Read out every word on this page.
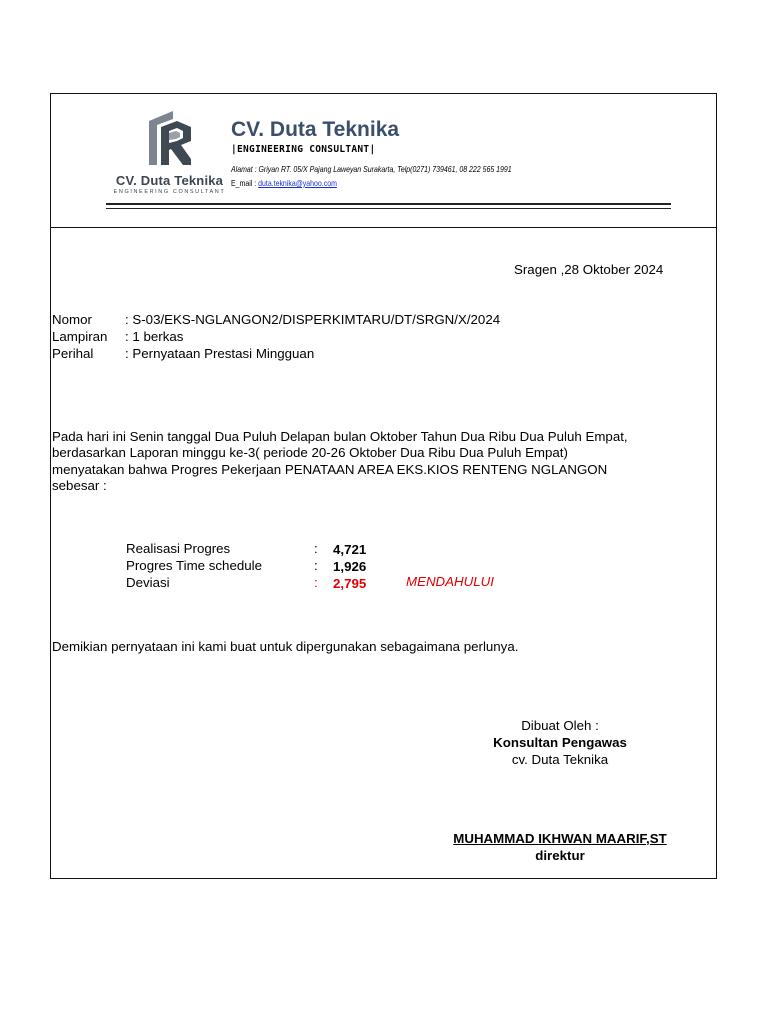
CV. Duta Teknika
ENGINEERING CONSULTANT
CV. Duta Teknika
|ENGINEERING CONSULTANT|
Alamat : Griyan RT. 05/X Pajang Laweyan Surakarta, Telp(0271) 739461, 08 222 565 1991
E_mail : duta.teknika@yahoo.com
Sragen ,28 Oktober 2024
Nomor : S-03/EKS-NGLANGON2/DISPERKIMTARU/DT/SRGN/X/2024
Lampiran : 1 berkas
Perihal : Pernyataan Prestasi Mingguan
Pada hari ini Senin tanggal Dua Puluh Delapan bulan Oktober Tahun Dua Ribu Dua Puluh Empat,
berdasarkan Laporan minggu ke-3( periode 20-26 Oktober Dua Ribu Dua Puluh Empat)
menyatakan bahwa Progres Pekerjaan PENATAAN AREA EKS.KIOS RENTENG NGLANGON
sebesar :
Realisasi Progres	: 4,721
Progres Time schedule	: 1,926
Deviasi	: 2,795	MENDAHULUI
Demikian pernyataan ini kami buat untuk dipergunakan sebagaimana perlunya.
Dibuat Oleh :
Konsultan Pengawas
cv. Duta Teknika
MUHAMMAD IKHWAN MAARIF,ST
direktur
